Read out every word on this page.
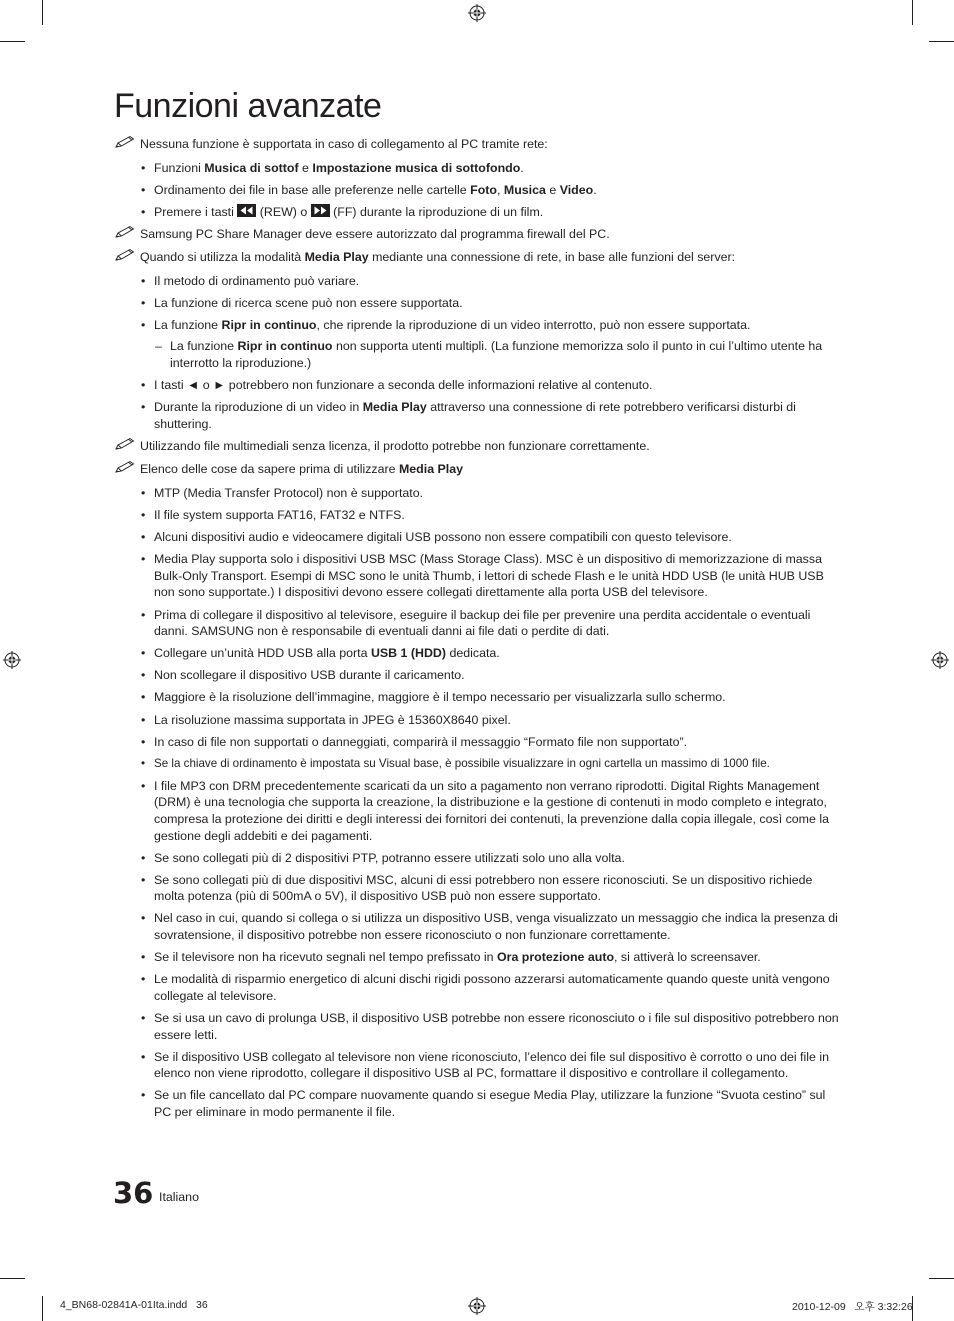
Funzioni avanzate
Nessuna funzione è supportata in caso di collegamento al PC tramite rete:
• Funzioni Musica di sottof e Impostazione musica di sottofondo.
• Ordinamento dei file in base alle preferenze nelle cartelle Foto, Musica e Video.
• Premere i tasti
(REW) o
(FF) durante la riproduzione di un film.
Samsung PC Share Manager deve essere autorizzato dal programma firewall del PC.
Quando si utilizza la modalità Media Play mediante una connessione di rete, in base alle funzioni del server:
• Il metodo di ordinamento può variare.
• La funzione di ricerca scene può non essere supportata.
• La funzione Ripr in continuo, che riprende la riproduzione di un video interrotto, può non essere supportata.
– La funzione Ripr in continuo non supporta utenti multipli. (La funzione memorizza solo il punto in cui l’ultimo utente ha interrotto la riproduzione.)
• I tasti ◄ o ► potrebbero non funzionare a seconda delle informazioni relative al contenuto.
• Durante la riproduzione di un video in Media Play attraverso una connessione di rete potrebbero verificarsi disturbi di shuttering.
Utilizzando file multimediali senza licenza, il prodotto potrebbe non funzionare correttamente.
Elenco delle cose da sapere prima di utilizzare Media Play
• MTP (Media Transfer Protocol) non è supportato.
• Il file system supporta FAT16, FAT32 e NTFS.
• Alcuni dispositivi audio e videocamere digitali USB possono non essere compatibili con questo televisore.
• Media Play supporta solo i dispositivi USB MSC (Mass Storage Class). MSC è un dispositivo di memorizzazione di massa Bulk-Only Transport. Esempi di MSC sono le unità Thumb, i lettori di schede Flash e le unità HDD USB (le unità HUB USB non sono supportate.) I dispositivi devono essere collegati direttamente alla porta USB del televisore.
• Prima di collegare il dispositivo al televisore, eseguire il backup dei file per prevenire una perdita accidentale o eventuali danni. SAMSUNG non è responsabile di eventuali danni ai file dati o perdite di dati.
• Collegare un’unità HDD USB alla porta USB 1 (HDD) dedicata.
• Non scollegare il dispositivo USB durante il caricamento.
• Maggiore è la risoluzione dell’immagine, maggiore è il tempo necessario per visualizzarla sullo schermo.
• La risoluzione massima supportata in JPEG è 15360X8640 pixel.
• In caso di file non supportati o danneggiati, comparirà il messaggio “Formato file non supportato”.
• Se la chiave di ordinamento è impostata su Visual base, è possibile visualizzare in ogni cartella un massimo di 1000 file.
• I file MP3 con DRM precedentemente scaricati da un sito a pagamento non verrano riprodotti. Digital Rights Management (DRM) è una tecnologia che supporta la creazione, la distribuzione e la gestione di contenuti in modo completo e integrato, compresa la protezione dei diritti e degli interessi dei fornitori dei contenuti, la prevenzione dalla copia illegale, così come la gestione degli addebiti e dei pagamenti.
• Se sono collegati più di 2 dispositivi PTP, potranno essere utilizzati solo uno alla volta.
• Se sono collegati più di due dispositivi MSC, alcuni di essi potrebbero non essere riconosciuti. Se un dispositivo richiede molta potenza (più di 500mA o 5V), il dispositivo USB può non essere supportato.
• Nel caso in cui, quando si collega o si utilizza un dispositivo USB, venga visualizzato un messaggio che indica la presenza di sovratensione, il dispositivo potrebbe non essere riconosciuto o non funzionare correttamente.
• Se il televisore non ha ricevuto segnali nel tempo prefissato in Ora protezione auto, si attiverà lo screensaver.
• Le modalità di risparmio energetico di alcuni dischi rigidi possono azzerarsi automaticamente quando queste unità vengono collegate al televisore.
• Se si usa un cavo di prolunga USB, il dispositivo USB potrebbe non essere riconosciuto o i file sul dispositivo potrebbero non essere letti.
• Se il dispositivo USB collegato al televisore non viene riconosciuto, l’elenco dei file sul dispositivo è corrotto o uno dei file in elenco non viene riprodotto, collegare il dispositivo USB al PC, formattare il dispositivo e controllare il collegamento.
• Se un file cancellato dal PC compare nuovamente quando si esegue Media Play, utilizzare la funzione “Svuota cestino” sul PC per eliminare in modo permanente il file.
36 Italiano
4_BN68-02841A-01Ita.indd   36	2010-12-09   오후 3:32:26
